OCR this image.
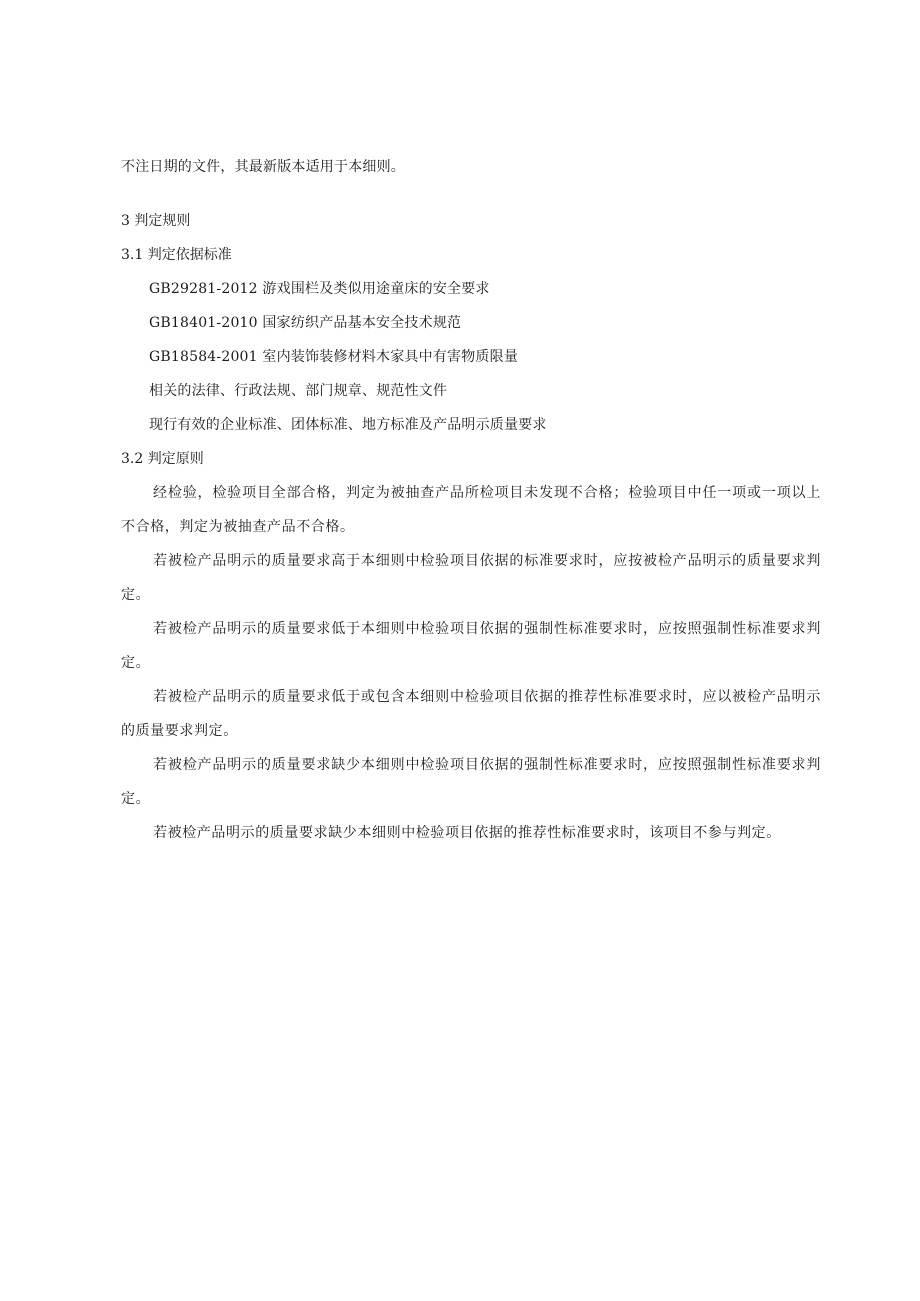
不注日期的文件，其最新版本适用于本细则。
3 判定规则
3.1 判定依据标准
GB29281-2012 游戏围栏及类似用途童床的安全要求
GB18401-2010 国家纺织产品基本安全技术规范
GB18584-2001 室内装饰装修材料木家具中有害物质限量
相关的法律、行政法规、部门规章、规范性文件
现行有效的企业标准、团体标准、地方标准及产品明示质量要求
3.2 判定原则
经检验，检验项目全部合格，判定为被抽查产品所检项目未发现不合格；检验项目中任一项或一项以上不合格，判定为被抽查产品不合格。
若被检产品明示的质量要求高于本细则中检验项目依据的标准要求时，应按被检产品明示的质量要求判定。
若被检产品明示的质量要求低于本细则中检验项目依据的强制性标准要求时，应按照强制性标准要求判定。
若被检产品明示的质量要求低于或包含本细则中检验项目依据的推荐性标准要求时，应以被检产品明示的质量要求判定。
若被检产品明示的质量要求缺少本细则中检验项目依据的强制性标准要求时，应按照强制性标准要求判定。
若被检产品明示的质量要求缺少本细则中检验项目依据的推荐性标准要求时，该项目不参与判定。
